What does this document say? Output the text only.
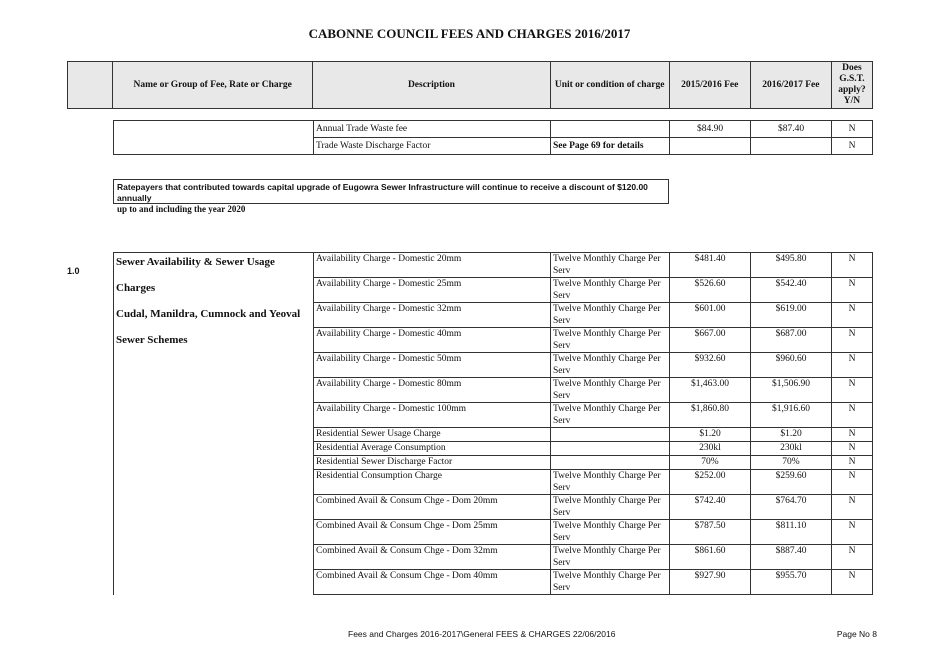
CABONNE COUNCIL FEES AND CHARGES 2016/2017
	Name or Group of Fee, Rate or Charge	Description	Unit or condition of charge	2015/2016 Fee	2016/2017 Fee	Does G.S.T. apply? Y/N
	Annual Trade Waste fee		$84.90	$87.40	N
	Trade Waste Discharge Factor	See Page 69 for details			N
Ratepayers that contributed towards capital upgrade of Eugowra Sewer Infrastructure will continue to receive a discount of $120.00 annually
up to and including the year 2020
1.0
Sewer Availability & Sewer Usage
Charges
Cudal, Manildra, Cumnock and Yeoval
Sewer Schemes	Availability Charge - Domestic 20mm	Twelve Monthly Charge Per Serv	$481.40	$495.80	N
	Availability Charge - Domestic 25mm	Twelve Monthly Charge Per Serv	$526.60	$542.40	N
	Availability Charge - Domestic 32mm	Twelve Monthly Charge Per Serv	$601.00	$619.00	N
	Availability Charge - Domestic 40mm	Twelve Monthly Charge Per Serv	$667.00	$687.00	N
	Availability Charge - Domestic 50mm	Twelve Monthly Charge Per Serv	$932.60	$960.60	N
	Availability Charge - Domestic 80mm	Twelve Monthly Charge Per Serv	$1,463.00	$1,506.90	N
	Availability Charge - Domestic 100mm	Twelve Monthly Charge Per Serv	$1,860.80	$1,916.60	N
	Residential Sewer Usage Charge		$1.20	$1.20	N
	Residential Average Consumption		230kl	230kl	N
	Residential Sewer Discharge Factor		70%	70%	N
	Residential Consumption Charge	Twelve Monthly Charge Per Serv	$252.00	$259.60	N
	Combined Avail & Consum Chge - Dom 20mm	Twelve Monthly Charge Per Serv	$742.40	$764.70	N
	Combined Avail & Consum Chge - Dom 25mm	Twelve Monthly Charge Per Serv	$787.50	$811.10	N
	Combined Avail & Consum Chge - Dom 32mm	Twelve Monthly Charge Per Serv	$861.60	$887.40	N
	Combined Avail & Consum Chge - Dom 40mm	Twelve Monthly Charge Per Serv	$927.90	$955.70	N
Fees and Charges 2016-2017\General FEES & CHARGES 22/06/2016	Page No 8
